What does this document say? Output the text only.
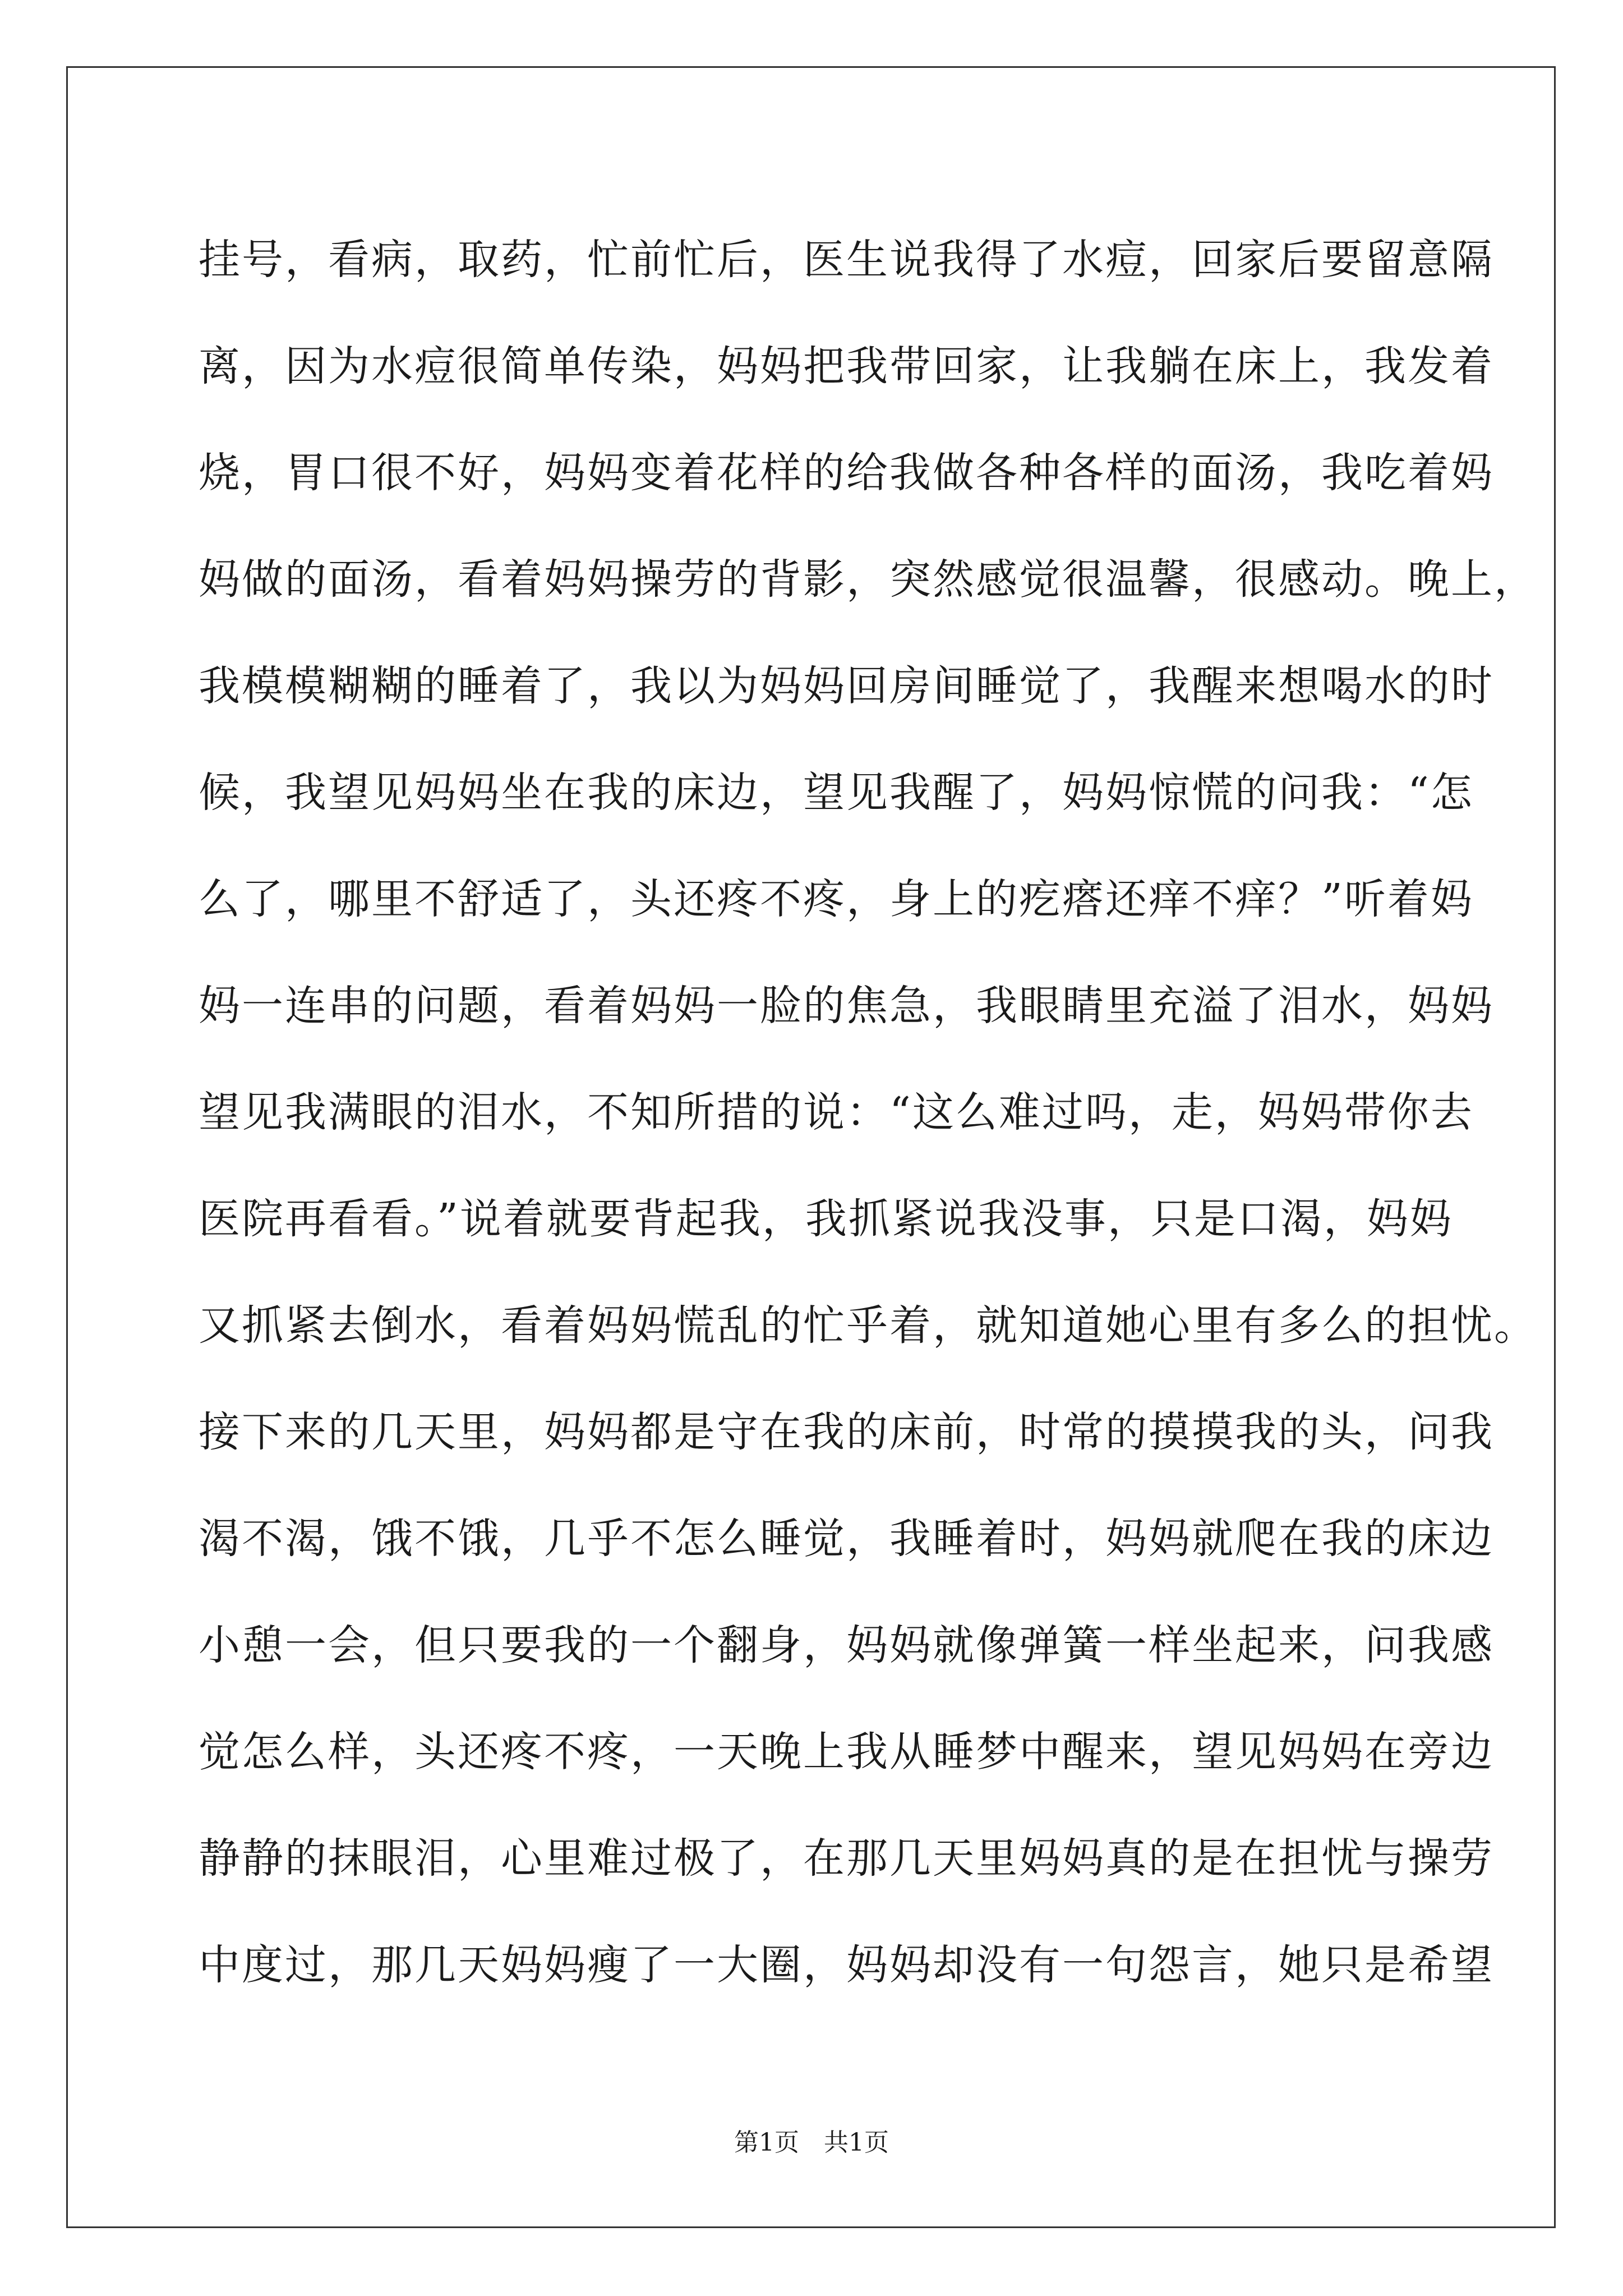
挂号，看病，取药，忙前忙后，医生说我得了水痘，回家后要留意隔
离，因为水痘很简单传染，妈妈把我带回家，让我躺在床上，我发着
烧，胃口很不好，妈妈变着花样的给我做各种各样的面汤，我吃着妈
妈做的面汤，看着妈妈操劳的背影，突然感觉很温馨，很感动。晚上，
我模模糊糊的睡着了，我以为妈妈回房间睡觉了，我醒来想喝水的时
候，我望见妈妈坐在我的床边，望见我醒了，妈妈惊慌的问我：“怎
么了，哪里不舒适了，头还疼不疼，身上的疙瘩还痒不痒？”听着妈
妈一连串的问题，看着妈妈一脸的焦急，我眼睛里充溢了泪水，妈妈
望见我满眼的泪水，不知所措的说：“这么难过吗，走，妈妈带你去
医院再看看。”说着就要背起我，我抓紧说我没事，只是口渴，妈妈
又抓紧去倒水，看着妈妈慌乱的忙乎着，就知道她心里有多么的担忧。
接下来的几天里，妈妈都是守在我的床前，时常的摸摸我的头，问我
渴不渴，饿不饿，几乎不怎么睡觉，我睡着时，妈妈就爬在我的床边
小憩一会，但只要我的一个翻身，妈妈就像弹簧一样坐起来，问我感
觉怎么样，头还疼不疼，一天晚上我从睡梦中醒来，望见妈妈在旁边
静静的抹眼泪，心里难过极了，在那几天里妈妈真的是在担忧与操劳
中度过，那几天妈妈瘦了一大圈，妈妈却没有一句怨言，她只是希望
第1页　共1页
